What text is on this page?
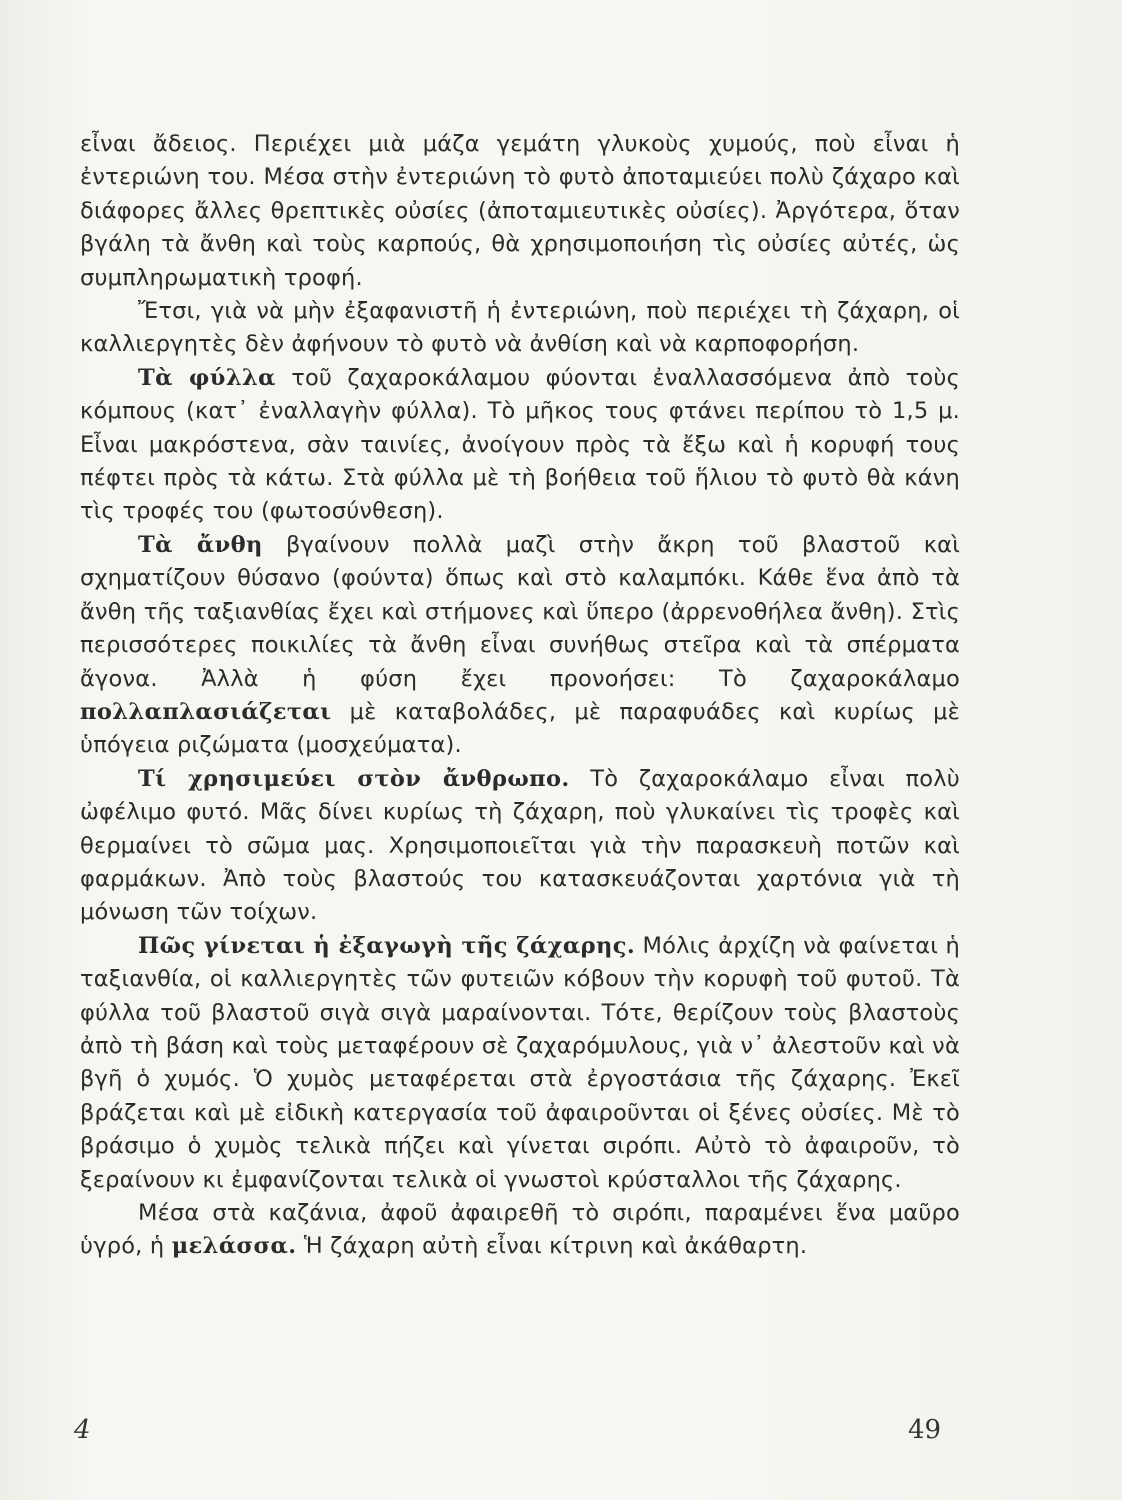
εἶναι ἄδειος. Περιέχει μιὰ μάζα γεμάτη γλυκοὺς χυμούς, ποὺ εἶναι ἡ ἐντεριώνη του. Μέσα στὴν ἐντεριώνη τὸ φυτὸ ἀποταμιεύει πολὺ ζάχαρο καὶ διάφορες ἄλλες θρεπτικὲς οὐσίες (ἀποταμιευτικὲς οὐσίες). Ἀργότερα, ὅταν βγάλη τὰ ἄνθη καὶ τοὺς καρπούς, θὰ χρησιμοποιήση τὶς οὐσίες αὐτές, ὡς συμπληρωματικὴ τροφή.

Ἔτσι, γιὰ νὰ μὴν ἐξαφανιστῆ ἡ ἐντεριώνη, ποὺ περιέχει τὴ ζάχαρη, οἱ καλλιεργητὲς δὲν ἀφήνουν τὸ φυτὸ νὰ ἀνθίση καὶ νὰ καρποφορήση.

Τὰ φύλλα τοῦ ζαχαροκάλαμου φύονται ἐναλλασσόμενα ἀπὸ τοὺς κόμπους (κατ᾽ ἐναλλαγὴν φύλλα). Τὸ μῆκος τους φτάνει περίπου τὸ 1,5 μ. Εἶναι μακρόστενα, σὰν ταινίες, ἀνοίγουν πρὸς τὰ ἔξω καὶ ἡ κορυφή τους πέφτει πρὸς τὰ κάτω. Στὰ φύλλα μὲ τὴ βοήθεια τοῦ ἥλιου τὸ φυτὸ θὰ κάνη τὶς τροφές του (φωτοσύνθεση).

Τὰ ἄνθη βγαίνουν πολλὰ μαζὶ στὴν ἄκρη τοῦ βλαστοῦ καὶ σχηματίζουν θύσανο (φούντα) ὅπως καὶ στὸ καλαμπόκι. Κάθε ἕνα ἀπὸ τὰ ἄνθη τῆς ταξιανθίας ἔχει καὶ στήμονες καὶ ὕπερο (ἀρρενοθήλεα ἄνθη). Στὶς περισσότερες ποικιλίες τὰ ἄνθη εἶναι συνήθως στεῖρα καὶ τὰ σπέρματα ἄγονα. Ἀλλὰ ἡ φύση ἔχει προνοήσει: Τὸ ζαχαροκάλαμο πολλαπλασιάζεται μὲ καταβολάδες, μὲ παραφυάδες καὶ κυρίως μὲ ὑπόγεια ριζώματα (μοσχεύματα).

Τί χρησιμεύει στὸν ἄνθρωπο. Τὸ ζαχαροκάλαμο εἶναι πολὺ ὠφέλιμο φυτό. Μᾶς δίνει κυρίως τὴ ζάχαρη, ποὺ γλυκαίνει τὶς τροφὲς καὶ θερμαίνει τὸ σῶμα μας. Χρησιμοποιεῖται γιὰ τὴν παρασκευὴ ποτῶν καὶ φαρμάκων. Ἀπὸ τοὺς βλαστούς του κατασκευάζονται χαρτόνια γιὰ τὴ μόνωση τῶν τοίχων.

Πῶς γίνεται ἡ ἐξαγωγὴ τῆς ζάχαρης. Μόλις ἀρχίζη νὰ φαίνεται ἡ ταξιανθία, οἱ καλλιεργητὲς τῶν φυτειῶν κόβουν τὴν κορυφὴ τοῦ φυτοῦ. Τὰ φύλλα τοῦ βλαστοῦ σιγὰ σιγὰ μαραίνονται. Τότε, θερίζουν τοὺς βλαστοὺς ἀπὸ τὴ βάση καὶ τοὺς μεταφέρουν σὲ ζαχαρόμυλους, γιὰ ν᾽ ἀλεστοῦν καὶ νὰ βγῆ ὁ χυμός. Ὁ χυμὸς μεταφέρεται στὰ ἐργοστάσια τῆς ζάχαρης. Ἐκεῖ βράζεται καὶ μὲ εἰδικὴ κατεργασία τοῦ ἀφαιροῦνται οἱ ξένες οὐσίες. Μὲ τὸ βράσιμο ὁ χυμὸς τελικὰ πήζει καὶ γίνεται σιρόπι. Αὐτὸ τὸ ἀφαιροῦν, τὸ ξεραίνουν κι ἐμφανίζονται τελικὰ οἱ γνωστοὶ κρύσταλλοι τῆς ζάχαρης.

Μέσα στὰ καζάνια, ἀφοῦ ἀφαιρεθῆ τὸ σιρόπι, παραμένει ἕνα μαῦρο ὑγρό, ἡ μελάσσα. Ἡ ζάχαρη αὐτὴ εἶναι κίτρινη καὶ ἀκάθαρτη.

4	49
